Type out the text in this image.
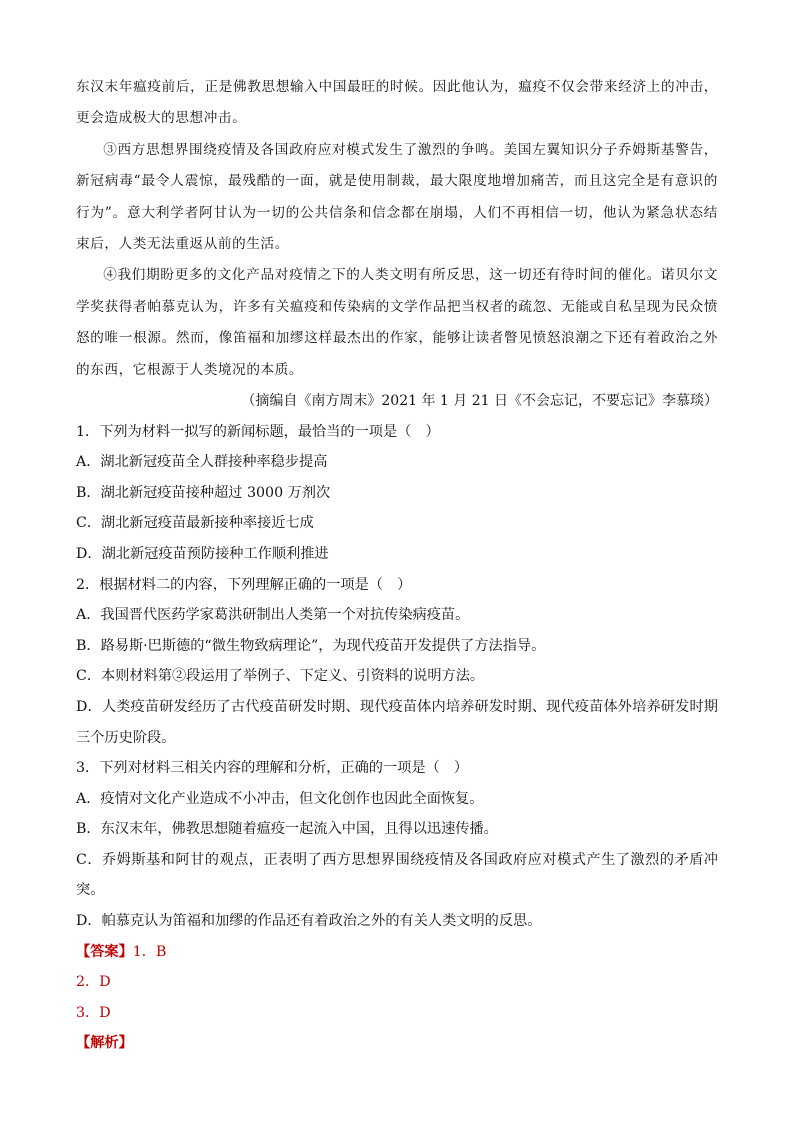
东汉末年瘟疫前后，正是佛教思想输入中国最旺的时候。因此他认为，瘟疫不仅会带来经济上的冲击，更会造成极大的思想冲击。

③西方思想界围绕疫情及各国政府应对模式发生了激烈的争鸣。美国左翼知识分子乔姆斯基警告，新冠病毒“最令人震惊，最残酷的一面，就是使用制裁，最大限度地增加痛苦，而且这完全是有意识的行为”。意大利学者阿甘认为一切的公共信条和信念都在崩塌，人们不再相信一切，他认为紧急状态结束后，人类无法重返从前的生活。

④我们期盼更多的文化产品对疫情之下的人类文明有所反思，这一切还有待时间的催化。诺贝尔文学奖获得者帕慕克认为，许多有关瘟疫和传染病的文学作品把当权者的疏忽、无能或自私呈现为民众愤怒的唯一根源。然而，像笛福和加缪这样最杰出的作家，能够让读者瞥见愤怒浪潮之下还有着政治之外的东西，它根源于人类境况的本质。

（摘编自《南方周末》2021 年 1 月 21 日《不会忘记，不要忘记》李慕琰）

1．下列为材料一拟写的新闻标题，最恰当的一项是（　）

A．湖北新冠疫苗全人群接种率稳步提高

B．湖北新冠疫苗接种超过 3000 万剂次

C．湖北新冠疫苗最新接种率接近七成

D．湖北新冠疫苗预防接种工作顺利推进

2．根据材料二的内容，下列理解正确的一项是（　）

A．我国晋代医药学家葛洪研制出人类第一个对抗传染病疫苗。

B．路易斯·巴斯德的“微生物致病理论”，为现代疫苗开发提供了方法指导。

C．本则材料第②段运用了举例子、下定义、引资料的说明方法。

D．人类疫苗研发经历了古代疫苗研发时期、现代疫苗体内培养研发时期、现代疫苗体外培养研发时期三个历史阶段。

3．下列对材料三相关内容的理解和分析，正确的一项是（　）

A．疫情对文化产业造成不小冲击，但文化创作也因此全面恢复。

B．东汉末年，佛教思想随着瘟疫一起流入中国，且得以迅速传播。

C．乔姆斯基和阿甘的观点，正表明了西方思想界围绕疫情及各国政府应对模式产生了激烈的矛盾冲突。

D．帕慕克认为笛福和加缪的作品还有着政治之外的有关人类文明的反思。

【答案】1．B

2．D

3．D

【解析】
